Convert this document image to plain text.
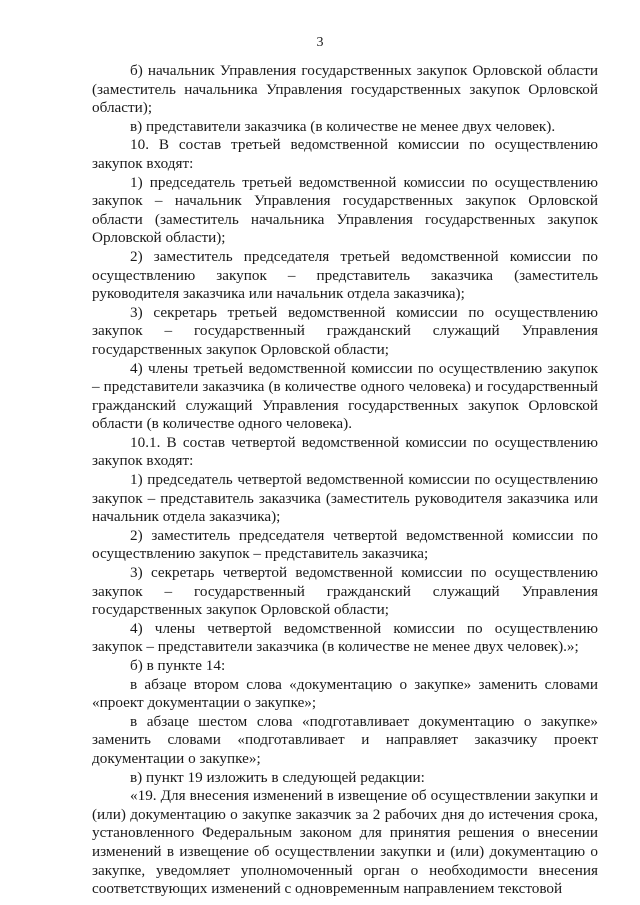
3

б) начальник Управления государственных закупок Орловской области (заместитель начальника Управления государственных закупок Орловской области);

в) представители заказчика (в количестве не менее двух человек).

10. В состав третьей ведомственной комиссии по осуществлению закупок входят:

1) председатель третьей ведомственной комиссии по осуществлению закупок – начальник Управления государственных закупок Орловской области (заместитель начальника Управления государственных закупок Орловской области);

2) заместитель председателя третьей ведомственной комиссии по осуществлению закупок – представитель заказчика (заместитель руководителя заказчика или начальник отдела заказчика);

3) секретарь третьей ведомственной комиссии по осуществлению закупок – государственный гражданский служащий Управления государственных закупок Орловской области;

4) члены третьей ведомственной комиссии по осуществлению закупок – представители заказчика (в количестве одного человека) и государственный гражданский служащий Управления государственных закупок Орловской области (в количестве одного человека).

10.1. В состав четвертой ведомственной комиссии по осуществлению закупок входят:

1) председатель четвертой ведомственной комиссии по осуществлению закупок – представитель заказчика (заместитель руководителя заказчика или начальник отдела заказчика);

2) заместитель председателя четвертой ведомственной комиссии по осуществлению закупок – представитель заказчика;

3) секретарь четвертой ведомственной комиссии по осуществлению закупок – государственный гражданский служащий Управления государственных закупок Орловской области;

4) члены четвертой ведомственной комиссии по осуществлению закупок – представители заказчика (в количестве не менее двух человек).»;

б) в пункте 14:

в абзаце втором слова «документацию о закупке» заменить словами «проект документации о закупке»;

в абзаце шестом слова «подготавливает документацию о закупке» заменить словами «подготавливает и направляет заказчику проект документации о закупке»;

в) пункт 19 изложить в следующей редакции:

«19. Для внесения изменений в извещение об осуществлении закупки и (или) документацию о закупке заказчик за 2 рабочих дня до истечения срока, установленного Федеральным законом для принятия решения о внесении изменений в извещение об осуществлении закупки и (или) документацию о закупке, уведомляет уполномоченный орган о необходимости внесения соответствующих изменений с одновременным направлением текстовой
